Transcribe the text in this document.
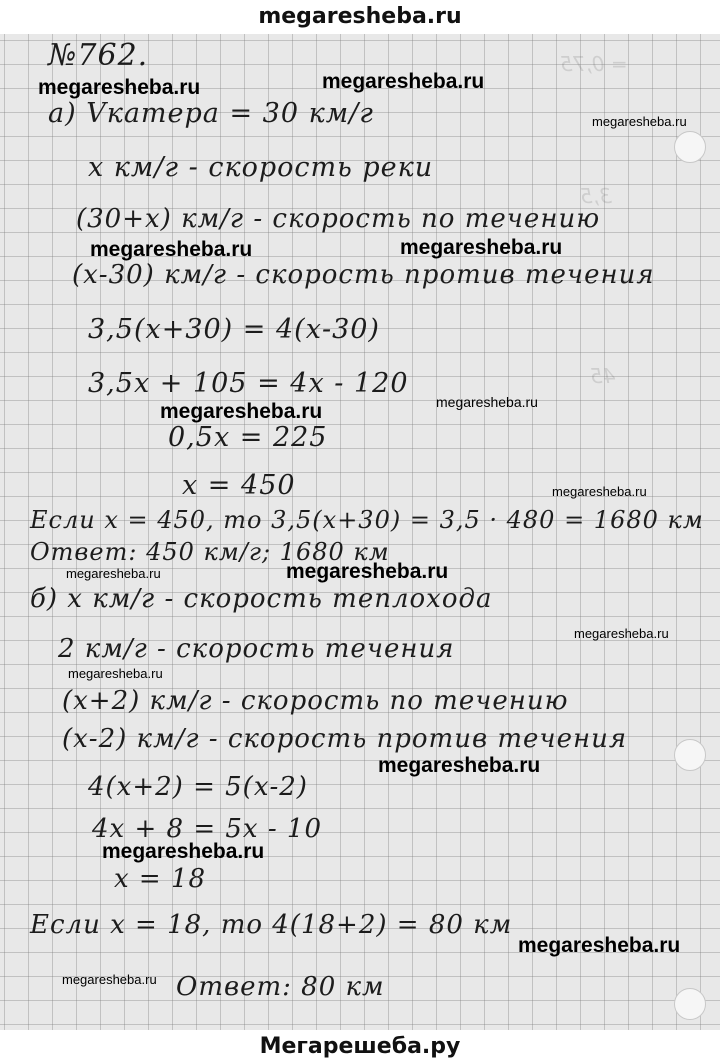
megaresheba.ru
= 0,75
3,5
45
№762.
а) Vкатера = 30 км/г
х км/г - скорость реки
(30+х) км/г - скорость по течению
(х-30) км/г - скорость против течения
3,5(х+30) = 4(х-30)
3,5х + 105 = 4х - 120
0,5х = 225
х = 450
Если х = 450, то 3,5(х+30) = 3,5 · 480 = 1680 км
Ответ: 450 км/г; 1680 км
б) х км/г - скорость теплохода
2 км/г - скорость течения
(х+2) км/г - скорость по течению
(х-2) км/г - скорость против течения
4(х+2) = 5(х-2)
4х + 8 = 5х - 10
х = 18
Если х = 18, то 4(18+2) = 80 км
Ответ: 80 км
megaresheba.ru	megaresheba.ru
megaresheba.ru
megaresheba.ru	megaresheba.ru
megaresheba.ru	megaresheba.ru
megaresheba.ru
megaresheba.ru	megaresheba.ru
megaresheba.ru
megaresheba.ru
megaresheba.ru
megaresheba.ru
megaresheba.ru
megaresheba.ru
Мегарешеба.ру
